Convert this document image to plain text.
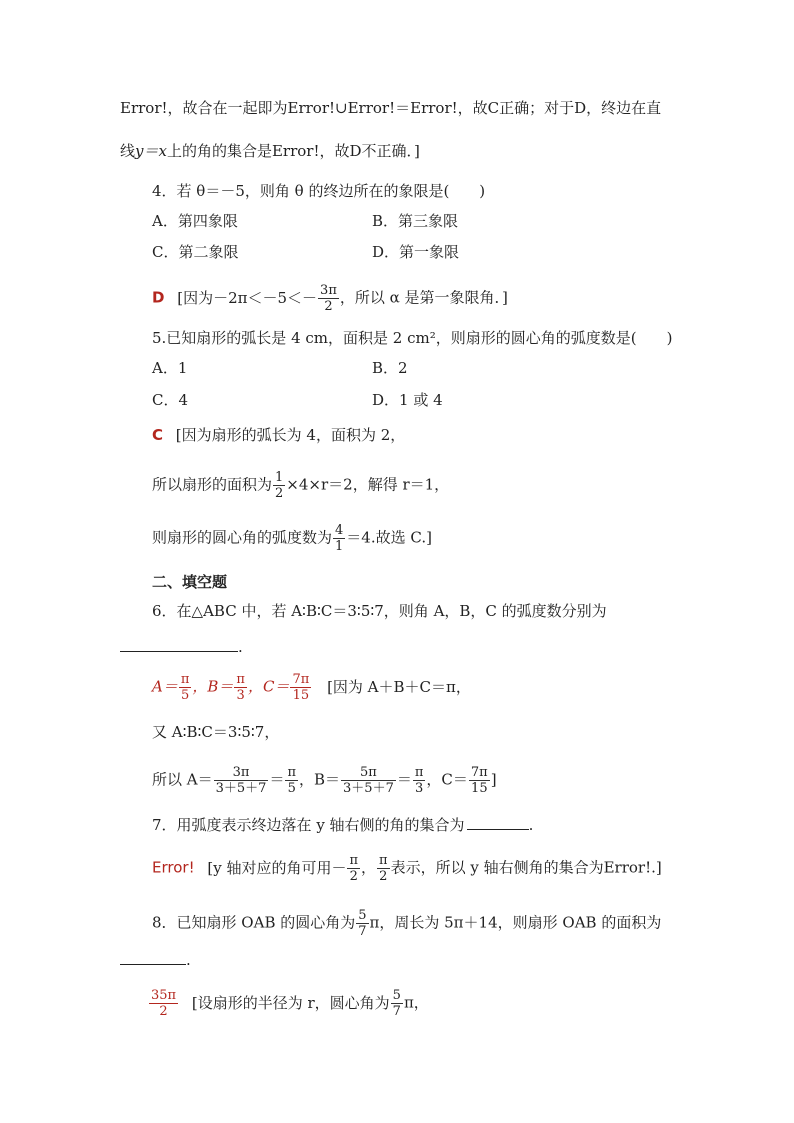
Error!，故合在一起即为Error!∪Error!＝Error!，故C正确；对于D，终边在直
线y＝x上的角的集合是Error!，故D不正确．]
4．若 θ＝－5，则角 θ 的终边所在的象限是(　　)
A．第四象限	B．第三象限
C．第二象限	D．第一象限
D [因为$-2\pi<-5<- \frac{3\pi}{2}$ ，所以 α 是第一象限角．]
5.已知扇形的弧长是 4 cm，面积是 2 cm²，则扇形的圆心角的弧度数是(　　)
A．1	B．2
C．4	D．1 或 4
C [因为扇形的弧长为 4，面积为 2，
所以扇形的面积为 $\frac{1}{2} \times 4\times r=2$，解得 r＝1，
则扇形的圆心角的弧度数为 $\frac{4}{1} =4$.故选 C.]
二、填空题
6．在△ABC 中，若 A∶B∶C＝3∶5∶7，则角 A，B，C 的弧度数分别为
.
$A= \frac{\pi}{5}$ ，$B= \frac{\pi}{3}$ ，$C= \frac{7\pi}{15}$ [因为 A＋B＋C＝π，
又 A∶B∶C＝3∶5∶7，
所以 $A= \frac{3\pi}{3+5+7} = \frac{\pi}{5}$ ，$B= \frac{5\pi}{3+5+7} = \frac{\pi}{3}$ ，$C= \frac{7\pi}{15}$ ]
7．用弧度表示终边落在 y 轴右侧的角的集合为	.
Error! [y 轴对应的角可用－ $\frac{\pi}{2}$ ， $\frac{\pi}{2}$ 表示，所以 y 轴右侧角的集合为Error!.]
8．已知扇形 OAB 的圆心角为 $\frac{5}{7}$ π，周长为 5π＋14，则扇形 OAB 的面积为
.
$\frac{35\pi}{2}$ [设扇形的半径为 r，圆心角为 $\frac{5}{7}$ π，
